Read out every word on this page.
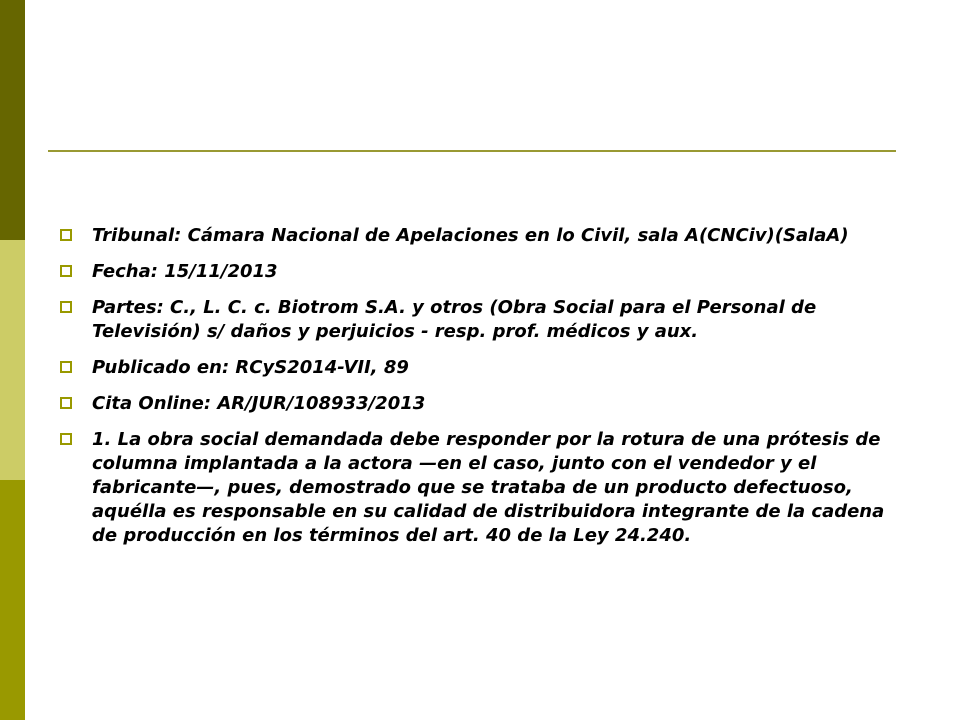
Tribunal: Cámara Nacional de Apelaciones en lo Civil, sala A(CNCiv)(SalaA)
Fecha: 15/11/2013
Partes: C., L. C. c. Biotrom S.A. y otros (Obra Social para el Personal de Televisión) s/ daños y perjuicios - resp. prof. médicos y aux.
Publicado en: RCyS2014-VII, 89
Cita Online: AR/JUR/108933/2013
1. La obra social demandada debe responder por la rotura de una prótesis de columna implantada a la actora —en el caso, junto con el vendedor y el fabricante—, pues, demostrado que se trataba de un producto defectuoso, aquélla es responsable en su calidad de distribuidora integrante de la cadena de producción en los términos del art. 40 de la Ley 24.240.
